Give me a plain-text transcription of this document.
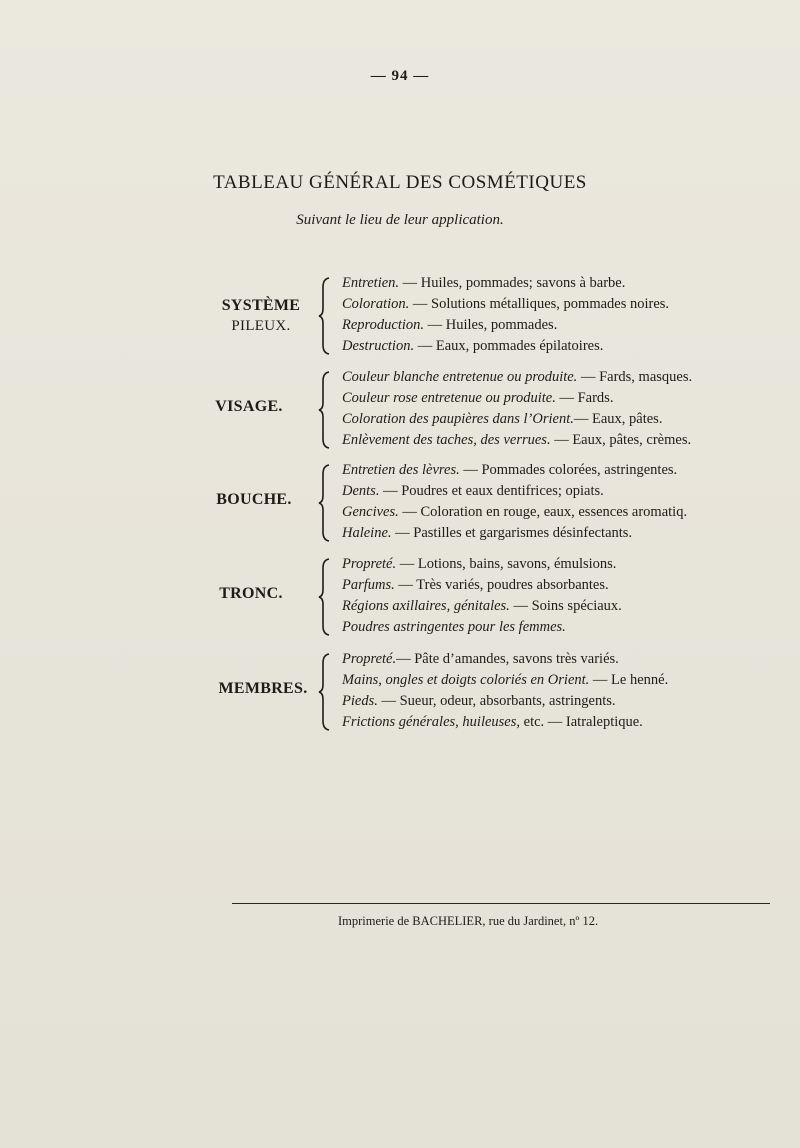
— 94 —
TABLEAU GÉNÉRAL DES COSMÉTIQUES
Suivant le lieu de leur application.
SYSTÈME
PILEUX.
Entretien. — Huiles, pommades; savons à barbe.
Coloration. — Solutions métalliques, pommades noires.
Reproduction. — Huiles, pommades.
Destruction. — Eaux, pommades épilatoires.
VISAGE.
Couleur blanche entretenue ou produite. — Fards, masques.
Couleur rose entretenue ou produite. — Fards.
Coloration des paupières dans l’Orient.— Eaux, pâtes.
Enlèvement des taches, des verrues. — Eaux, pâtes, crèmes.
BOUCHE.
Entretien des lèvres. — Pommades colorées, astringentes.
Dents. — Poudres et eaux dentifrices; opiats.
Gencives. — Coloration en rouge, eaux, essences aromatiq.
Haleine. — Pastilles et gargarismes désinfectants.
TRONC.
Propreté. — Lotions, bains, savons, émulsions.
Parfums. — Très variés, poudres absorbantes.
Régions axillaires, génitales. — Soins spéciaux.
Poudres astringentes pour les femmes.
MEMBRES.
Propreté.— Pâte d’amandes, savons très variés.
Mains, ongles et doigts coloriés en Orient. — Le henné.
Pieds. — Sueur, odeur, absorbants, astringents.
Frictions générales, huileuses, etc. — Iatraleptique.
Imprimerie de BACHELIER, rue du Jardinet, nº 12.
